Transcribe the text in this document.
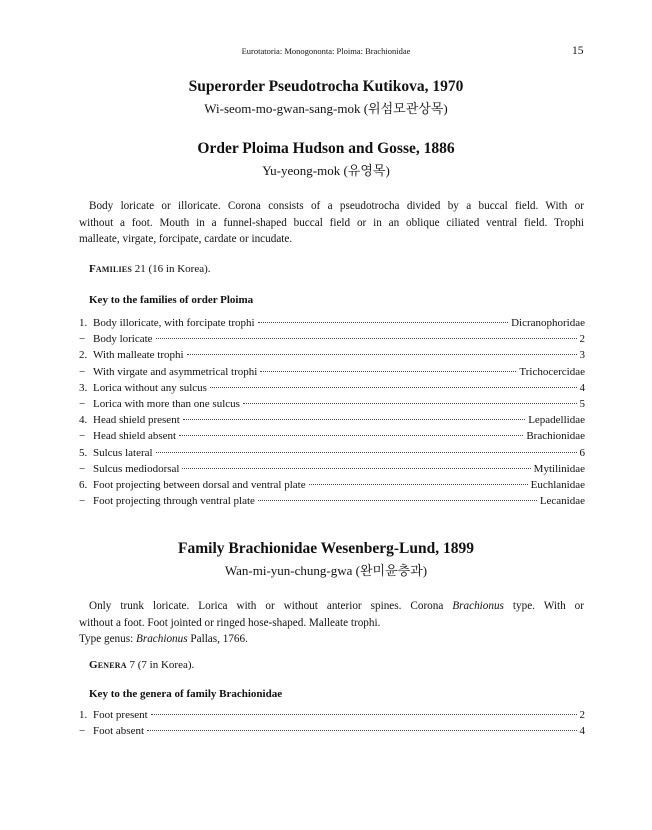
Eurotatoria: Monogononta: Ploima: Brachionidae	15
Superorder Pseudotrocha Kutikova, 1970
Wi-seom-mo-gwan-sang-mok (위섬모관상목)
Order Ploima Hudson and Gosse, 1886
Yu-yeong-mok (유영목)
Body loricate or illoricate. Corona consists of a pseudotrocha divided by a buccal field. With or
without a foot. Mouth in a funnel-shaped buccal field or in an oblique ciliated ventral field. Trophi
malleate, virgate, forcipate, cardate or incudate.
Families 21 (16 in Korea).
Key to the families of order Ploima
1. Body illoricate, with forcipate trophi	Dicranophoridae
− Body loricate	2
2. With malleate trophi	3
− With virgate and asymmetrical trophi	Trichocercidae
3. Lorica without any sulcus	4
− Lorica with more than one sulcus	5
4. Head shield present	Lepadellidae
− Head shield absent	Brachionidae
5. Sulcus lateral	6
− Sulcus mediodorsal	Mytilinidae
6. Foot projecting between dorsal and ventral plate	Euchlanidae
− Foot projecting through ventral plate	Lecanidae
Family Brachionidae Wesenberg-Lund, 1899
Wan-mi-yun-chung-gwa (완미윤충과)
Only trunk loricate. Lorica with or without anterior spines. Corona Brachionus type. With or
without a foot. Foot jointed or ringed hose-shaped. Malleate trophi.
Type genus: Brachionus Pallas, 1766.
Genera 7 (7 in Korea).
Key to the genera of family Brachionidae
1. Foot present	2
− Foot absent	4
